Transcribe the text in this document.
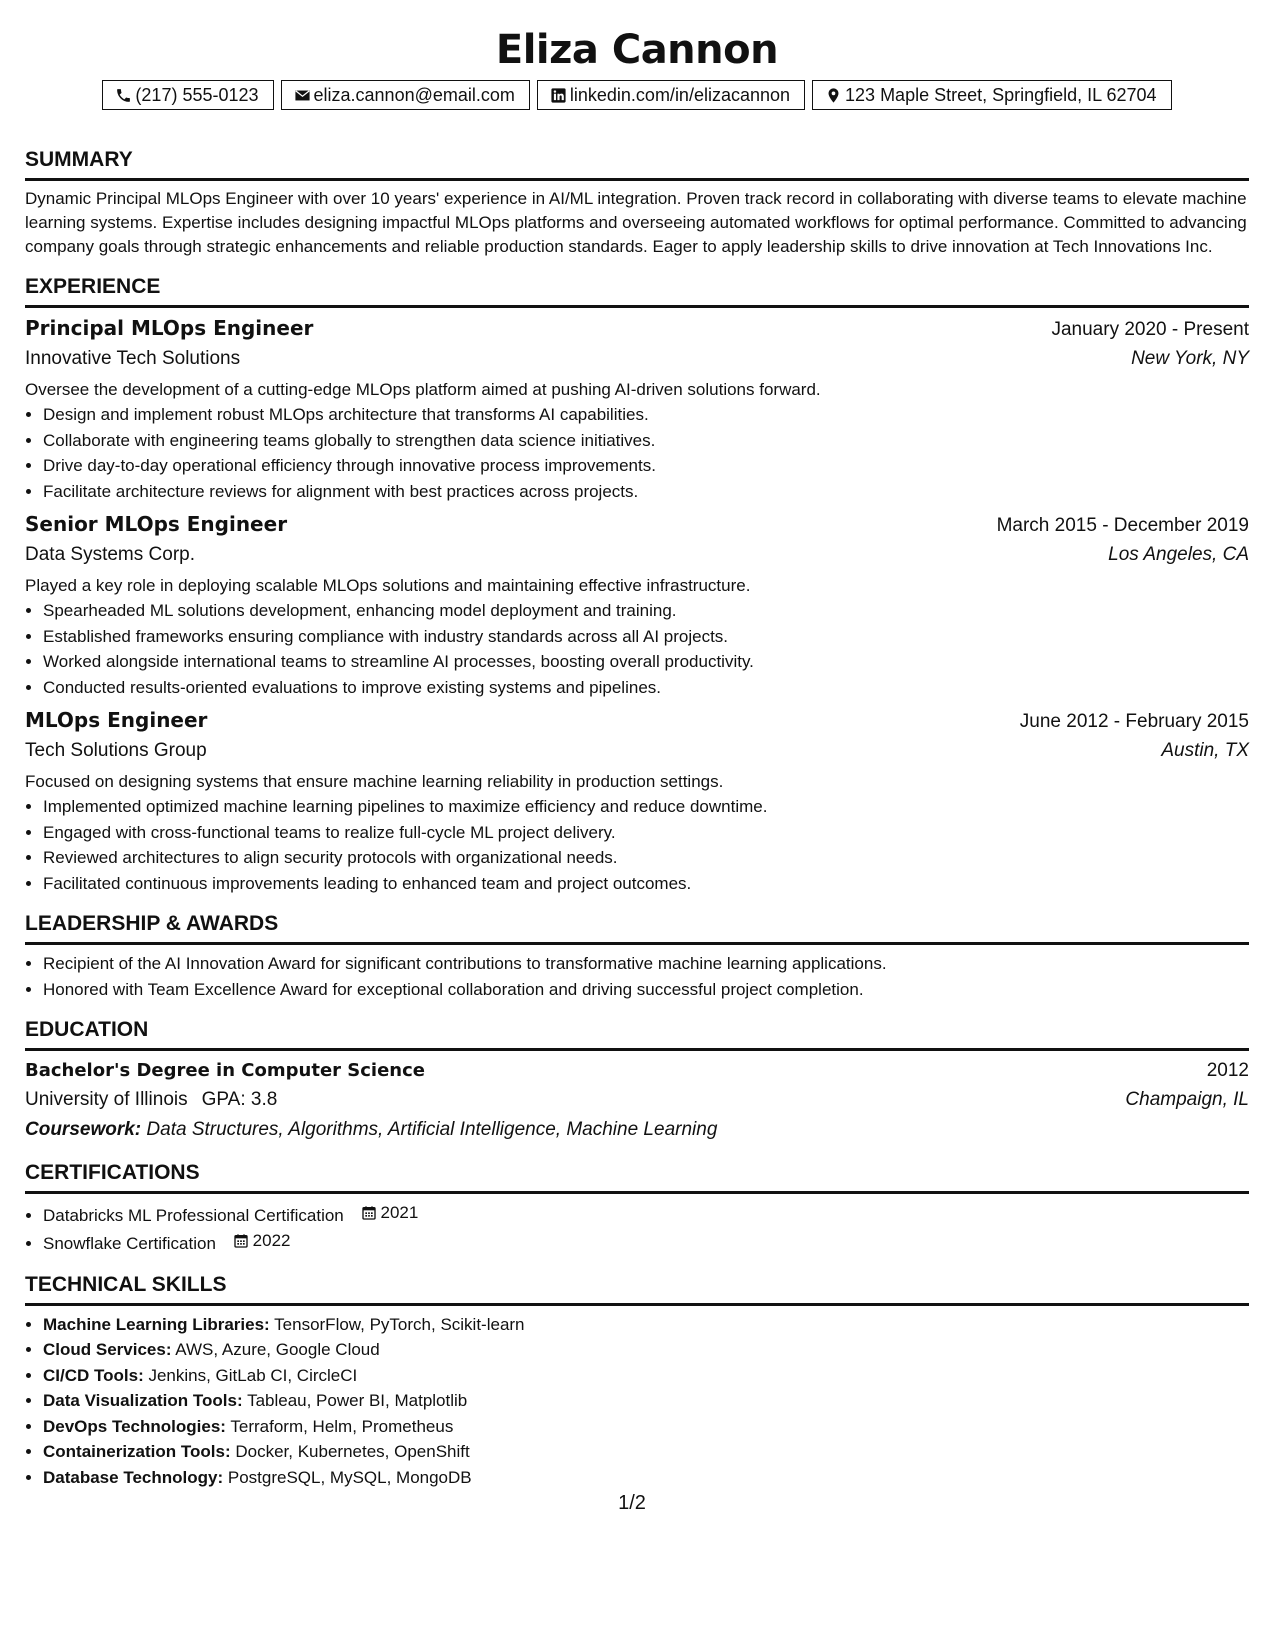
Eliza Cannon
(217) 555-0123	eliza.cannon@email.com	linkedin.com/in/elizacannon	123 Maple Street, Springfield, IL 62704
SUMMARY

Dynamic Principal MLOps Engineer with over 10 years' experience in AI/ML integration. Proven track record in collaborating with diverse teams to elevate machine learning systems. Expertise includes designing impactful MLOps platforms and overseeing automated workflows for optimal performance. Committed to advancing company goals through strategic enhancements and reliable production standards. Eager to apply leadership skills to drive innovation at Tech Innovations Inc.

EXPERIENCE
Principal MLOps Engineer	January 2020 - Present
Innovative Tech Solutions	New York, NY
Oversee the development of a cutting-edge MLOps platform aimed at pushing AI-driven solutions forward.
• Design and implement robust MLOps architecture that transforms AI capabilities.
• Collaborate with engineering teams globally to strengthen data science initiatives.
• Drive day-to-day operational efficiency through innovative process improvements.
• Facilitate architecture reviews for alignment with best practices across projects.
Senior MLOps Engineer	March 2015 - December 2019
Data Systems Corp.	Los Angeles, CA
Played a key role in deploying scalable MLOps solutions and maintaining effective infrastructure.
• Spearheaded ML solutions development, enhancing model deployment and training.
• Established frameworks ensuring compliance with industry standards across all AI projects.
• Worked alongside international teams to streamline AI processes, boosting overall productivity.
• Conducted results-oriented evaluations to improve existing systems and pipelines.
MLOps Engineer	June 2012 - February 2015
Tech Solutions Group	Austin, TX
Focused on designing systems that ensure machine learning reliability in production settings.
• Implemented optimized machine learning pipelines to maximize efficiency and reduce downtime.
• Engaged with cross-functional teams to realize full-cycle ML project delivery.
• Reviewed architectures to align security protocols with organizational needs.
• Facilitated continuous improvements leading to enhanced team and project outcomes.
LEADERSHIP & AWARDS
• Recipient of the AI Innovation Award for significant contributions to transformative machine learning applications.
• Honored with Team Excellence Award for exceptional collaboration and driving successful project completion.
EDUCATION
Bachelor's Degree in Computer Science	2012
University of Illinois GPA: 3.8	Champaign, IL
Coursework: Data Structures, Algorithms, Artificial Intelligence, Machine Learning
CERTIFICATIONS
• Databricks ML Professional Certification 2021
• Snowflake Certification 2022
TECHNICAL SKILLS
• Machine Learning Libraries: TensorFlow, PyTorch, Scikit-learn
• Cloud Services: AWS, Azure, Google Cloud
• CI/CD Tools: Jenkins, GitLab CI, CircleCI
• Data Visualization Tools: Tableau, Power BI, Matplotlib
• DevOps Technologies: Terraform, Helm, Prometheus
• Containerization Tools: Docker, Kubernetes, OpenShift
• Database Technology: PostgreSQL, MySQL, MongoDB
1/2
